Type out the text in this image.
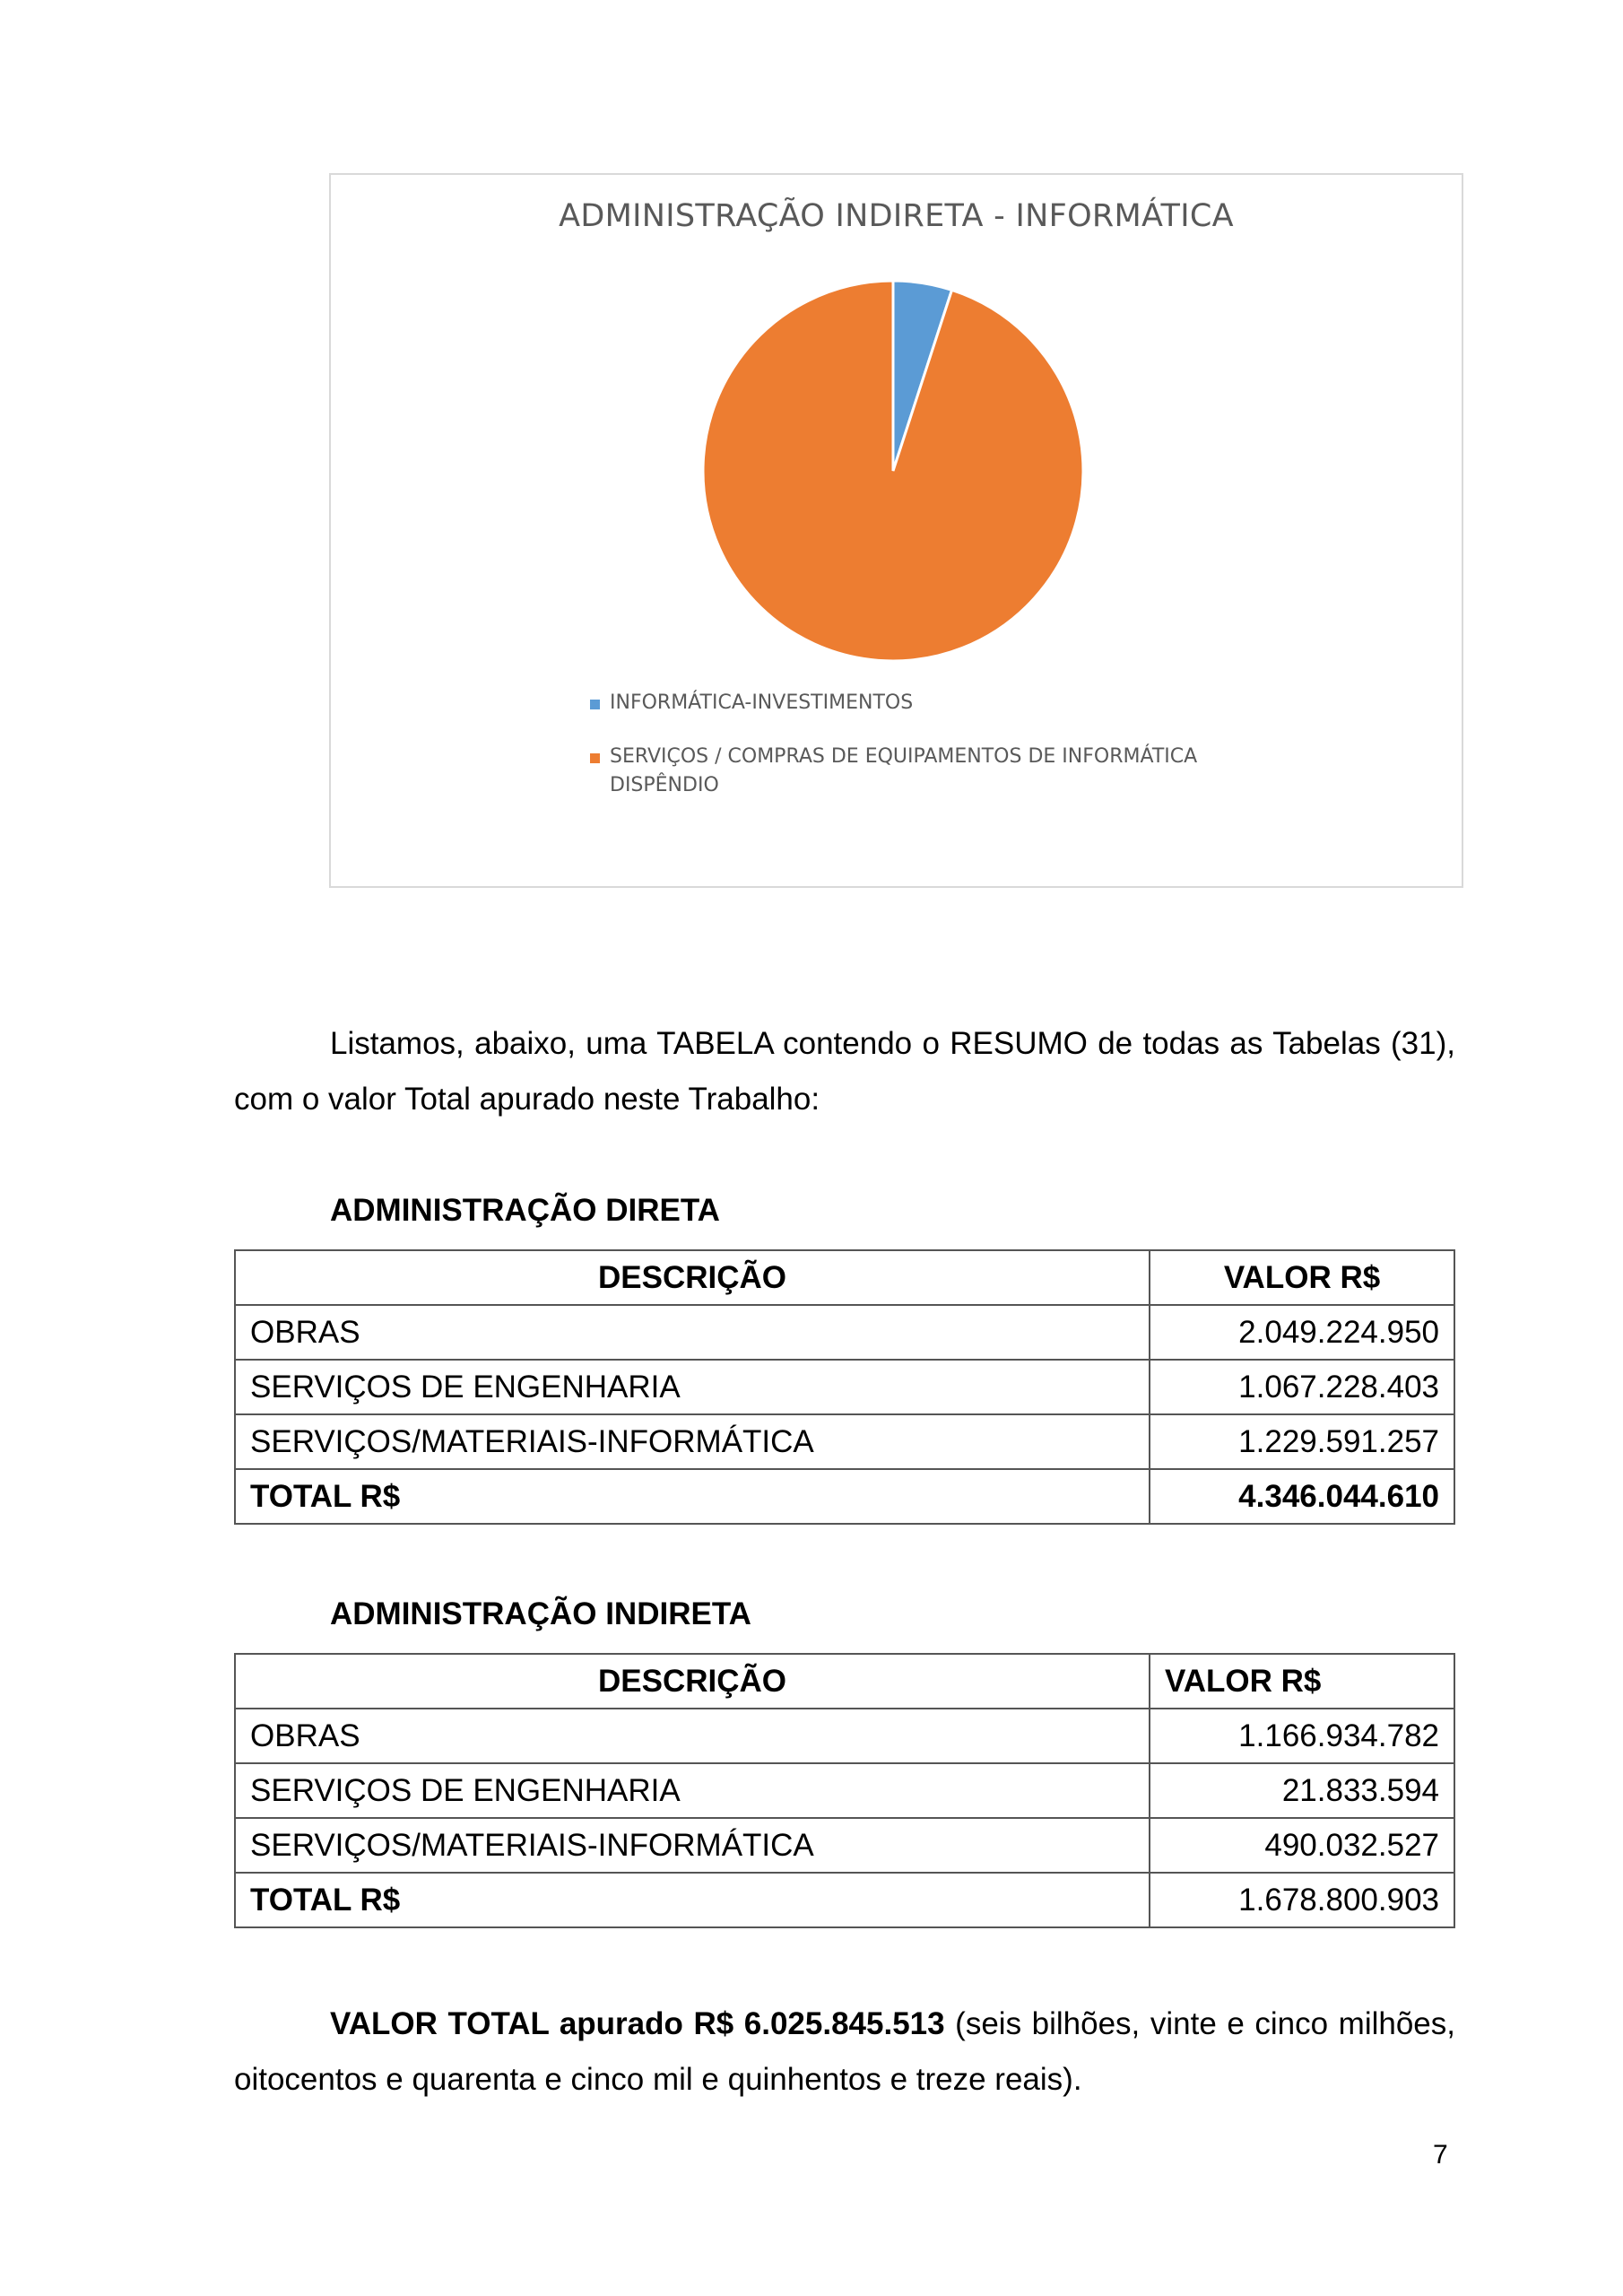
ADMINISTRAÇÃO INDIRETA - INFORMÁTICA
INFORMÁTICA-INVESTIMENTOS
SERVIÇOS / COMPRAS DE EQUIPAMENTOS DE INFORMÁTICA DISPÊNDIO

Listamos, abaixo, uma TABELA contendo o RESUMO de todas as Tabelas (31), com o valor Total apurado neste Trabalho:

ADMINISTRAÇÃO DIRETA
DESCRIÇÃO	VALOR R$
OBRAS	2.049.224.950
SERVIÇOS DE ENGENHARIA	1.067.228.403
SERVIÇOS/MATERIAIS-INFORMÁTICA	1.229.591.257
TOTAL R$	4.346.044.610
ADMINISTRAÇÃO INDIRETA
DESCRIÇÃO	VALOR R$
OBRAS	1.166.934.782
SERVIÇOS DE ENGENHARIA	21.833.594
SERVIÇOS/MATERIAIS-INFORMÁTICA	490.032.527
TOTAL R$	1.678.800.903

VALOR TOTAL apurado R$ 6.025.845.513 (seis bilhões, vinte e cinco milhões, oitocentos e quarenta e cinco mil e quinhentos e treze reais).

7
